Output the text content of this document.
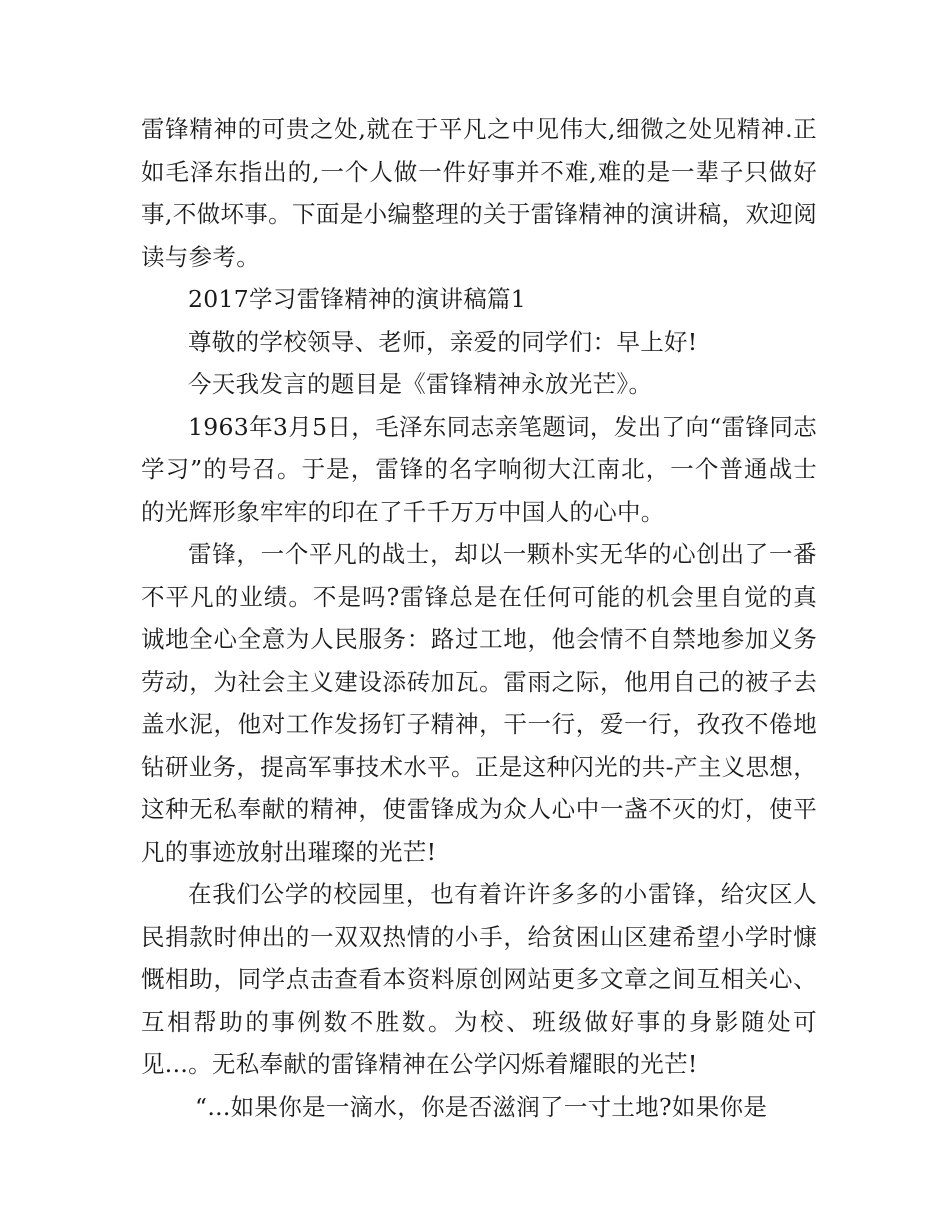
雷锋精神的可贵之处,就在于平凡之中见伟大,细微之处见精神.正如毛泽东指出的,一个人做一件好事并不难,难的是一辈子只做好事,不做坏事。下面是小编整理的关于雷锋精神的演讲稿，欢迎阅读与参考。

2017学习雷锋精神的演讲稿篇1

尊敬的学校领导、老师，亲爱的同学们：早上好!

今天我发言的题目是《雷锋精神永放光芒》。

1963年3月5日，毛泽东同志亲笔题词，发出了向“雷锋同志学习”的号召。于是，雷锋的名字响彻大江南北，一个普通战士的光辉形象牢牢的印在了千千万万中国人的心中。

雷锋，一个平凡的战士，却以一颗朴实无华的心创出了一番不平凡的业绩。不是吗?雷锋总是在任何可能的机会里自觉的真诚地全心全意为人民服务：路过工地，他会情不自禁地参加义务劳动，为社会主义建设添砖加瓦。雷雨之际，他用自己的被子去盖水泥，他对工作发扬钉子精神，干一行，爱一行，孜孜不倦地钻研业务，提高军事技术水平。正是这种闪光的共-产主义思想，这种无私奉献的精神，使雷锋成为众人心中一盏不灭的灯，使平凡的事迹放射出璀璨的光芒!

在我们公学的校园里，也有着许许多多的小雷锋，给灾区人民捐款时伸出的一双双热情的小手，给贫困山区建希望小学时慷慨相助，同学点击查看本资料原创网站更多文章之间互相关心、互相帮助的事例数不胜数。为校、班级做好事的身影随处可见...。无私奉献的雷锋精神在公学闪烁着耀眼的光芒!

“...如果你是一滴水，你是否滋润了一寸土地?如果你是
